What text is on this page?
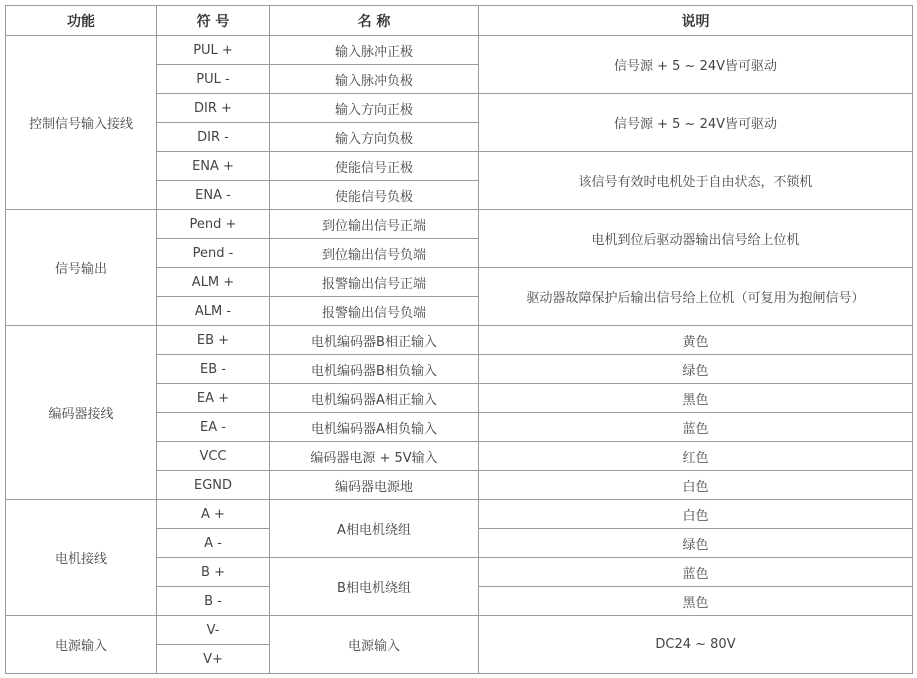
功能	符 号	名 称	说明
控制信号输入接线	PUL +	输入脉冲正极	信号源 + 5 ~ 24V皆可驱动
	PUL -	输入脉冲负极	
	DIR +	输入方向正极	信号源 + 5 ~ 24V皆可驱动
	DIR -	输入方向负极	
	ENA +	使能信号正极	该信号有效时电机处于自由状态，不锁机
	ENA -	使能信号负极	
信号输出	Pend +	到位输出信号正端	电机到位后驱动器输出信号给上位机
	Pend -	到位输出信号负端	
	ALM +	报警输出信号正端	驱动器故障保护后输出信号给上位机（可复用为抱闸信号）
	ALM -	报警输出信号负端	
编码器接线	EB +	电机编码器B相正输入	黄色
	EB -	电机编码器B相负输入	绿色
	EA +	电机编码器A相正输入	黑色
	EA -	电机编码器A相负输入	蓝色
	VCC	编码器电源 + 5V输入	红色
	EGND	编码器电源地	白色
电机接线	A +	A相电机绕组	白色
	A -		绿色
	B +	B相电机绕组	蓝色
	B -		黑色
电源输入	V-	电源输入	DC24 ~ 80V
	V+		
